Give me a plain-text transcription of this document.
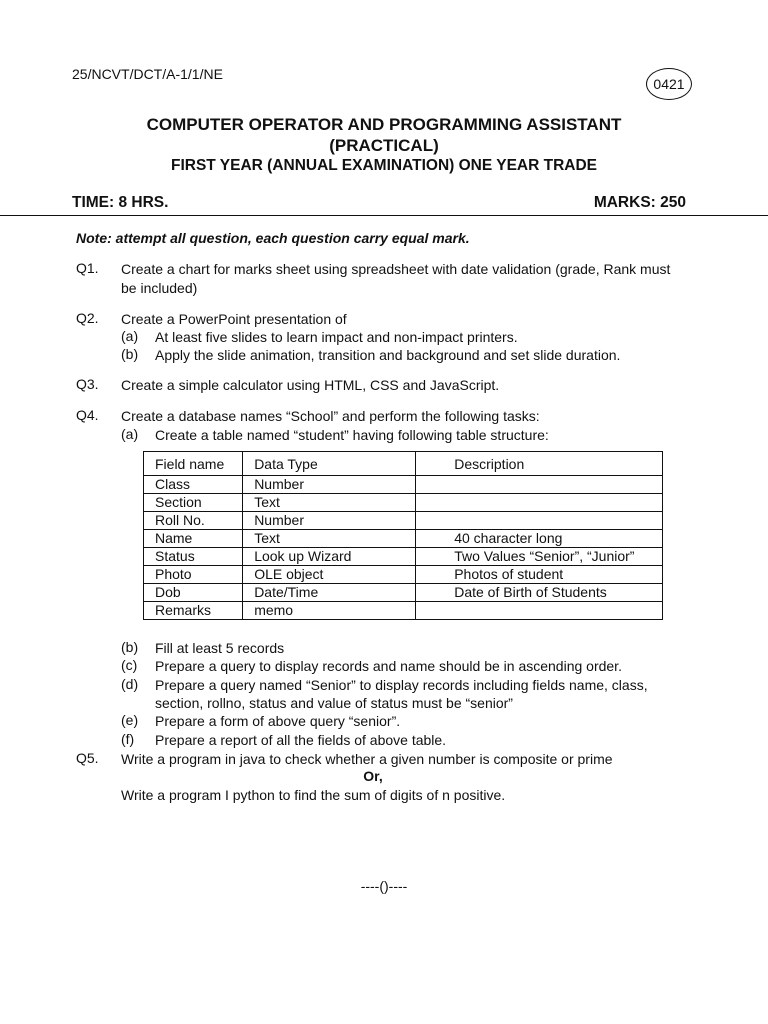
25/NCVT/DCT/A-1/1/NE
0421
COMPUTER OPERATOR AND PROGRAMMING ASSISTANT
(PRACTICAL)
FIRST YEAR (ANNUAL EXAMINATION) ONE YEAR TRADE
TIME: 8 HRS.	MARKS: 250
Note: attempt all question, each question carry equal mark.
Q1. Create a chart for marks sheet using spreadsheet with date validation (grade, Rank must
be included)
Q2. Create a PowerPoint presentation of
(a) At least five slides to learn impact and non-impact printers.
(b) Apply the slide animation, transition and background and set slide duration.
Q3. Create a simple calculator using HTML, CSS and JavaScript.
Q4. Create a database names “School” and perform the following tasks:
(a) Create a table named “student” having following table structure:
Field name	Data Type	Description
Class	Number	
Section	Text	
Roll No.	Number	
Name	Text	40 character long
Status	Look up Wizard	Two Values “Senior”, “Junior”
Photo	OLE object	Photos of student
Dob	Date/Time	Date of Birth of Students
Remarks	memo	
(b) Fill at least 5 records
(c) Prepare a query to display records and name should be in ascending order.
(d) Prepare a query named “Senior” to display records including fields name, class,
section, rollno, status and value of status must be “senior”
(e) Prepare a form of above query “senior”.
(f) Prepare a report of all the fields of above table.
Q5. Write a program in java to check whether a given number is composite or prime
Or,
Write a program I python to find the sum of digits of n positive.
----()----
